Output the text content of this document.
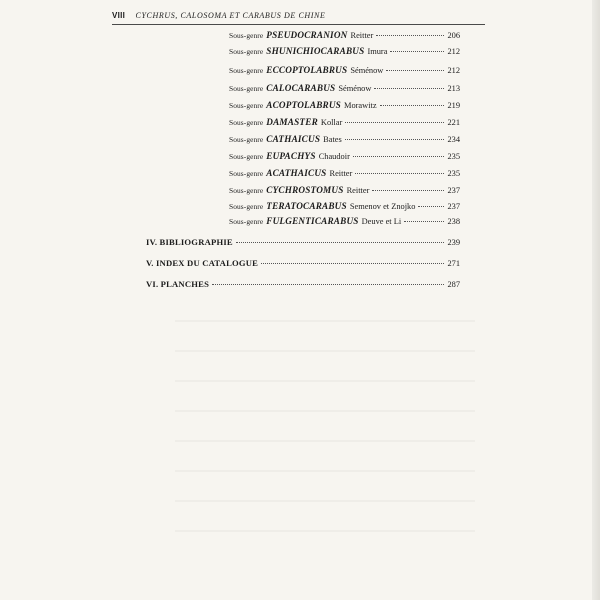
VIII CYCHRUS, CALOSOMA ET CARABUS DE CHINE
Sous-genre PSEUDOCRANION Reitter	206
Sous-genre SHUNICHIOCARABUS Imura	212
Sous-genre ECCOPTOLABRUS Séménow	212
Sous-genre CALOCARABUS Séménow	213
Sous-genre ACOPTOLABRUS Morawitz	219
Sous-genre DAMASTER Kollar	221
Sous-genre CATHAICUS Bates	234
Sous-genre EUPACHYS Chaudoir	235
Sous-genre ACATHAICUS Reitter	235
Sous-genre CYCHROSTOMUS Reitter	237
Sous-genre TERATOCARABUS Semenov et Znojko	237
Sous-genre FULGENTICARABUS Deuve et Li	238
IV. BIBLIOGRAPHIE	239
V. INDEX DU CATALOGUE	271
VI. PLANCHES	287
